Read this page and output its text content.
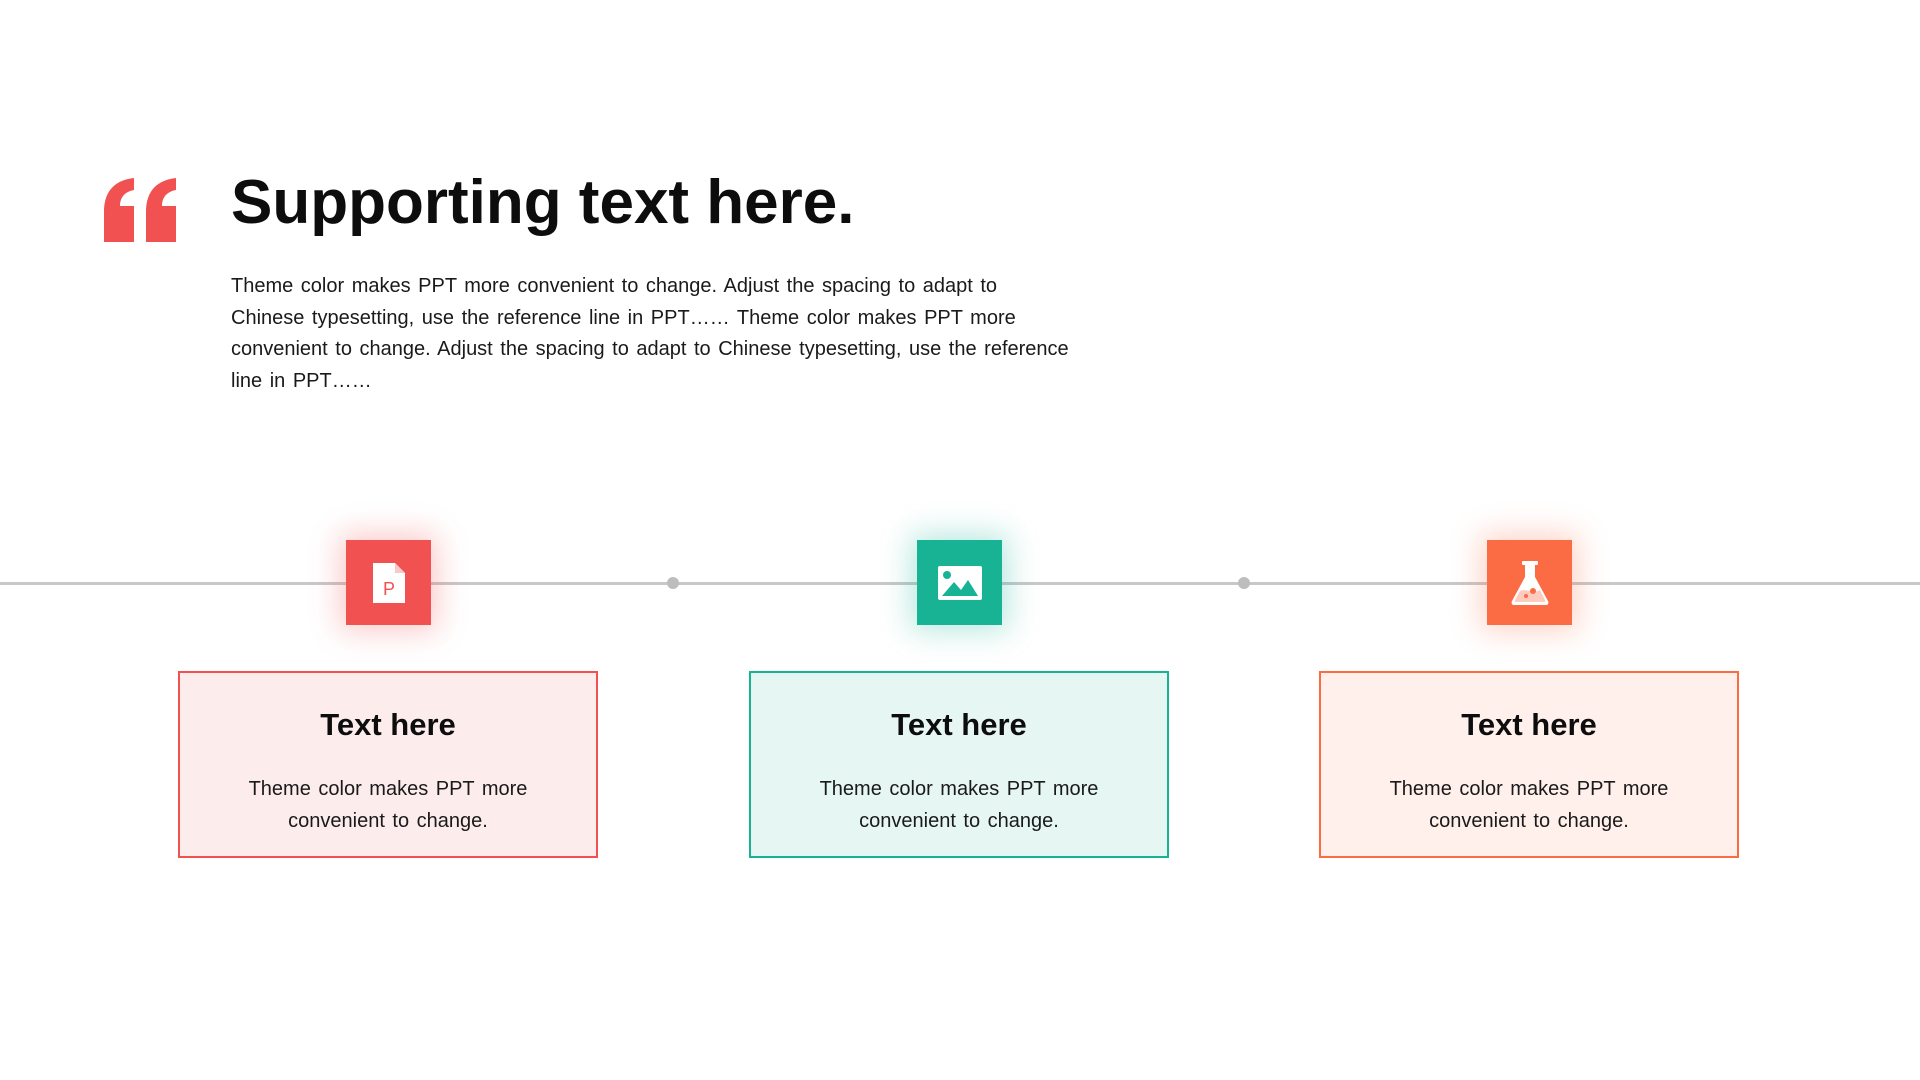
Supporting text here.

Theme color makes PPT more convenient to change. Adjust the spacing to adapt to Chinese typesetting, use the reference line in PPT…… Theme color makes PPT more convenient to change. Adjust the spacing to adapt to Chinese typesetting, use the reference line in PPT……

P
Text here

Theme color makes PPT more convenient to change.

Text here

Theme color makes PPT more convenient to change.

Text here

Theme color makes PPT more convenient to change.
